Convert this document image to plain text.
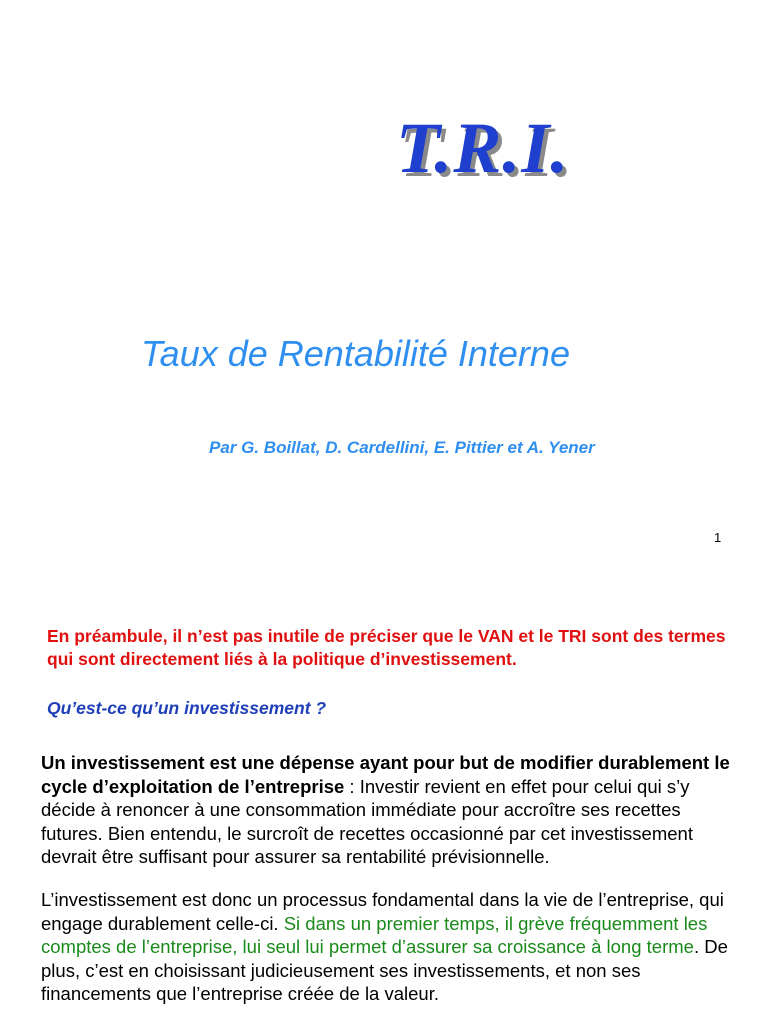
T.R.I.
Taux de Rentabilité Interne

Par G. Boillat, D. Cardellini, E. Pittier et A. Yener

1

En préambule, il n’est pas inutile de préciser que le VAN et le TRI sont des termes qui sont directement liés à la politique d’investissement.

Qu’est-ce qu’un investissement ?

Un investissement est une dépense ayant pour but de modifier durablement le cycle d’exploitation de l’entreprise : Investir revient en effet pour celui qui s’y décide à renoncer à une consommation immédiate pour accroître ses recettes futures. Bien entendu, le surcroît de recettes occasionné par cet investissement devrait être suffisant pour assurer sa rentabilité prévisionnelle.

L’investissement est donc un processus fondamental dans la vie de l’entreprise, qui engage durablement celle-ci. Si dans un premier temps, il grève fréquemment les comptes de l’entreprise, lui seul lui permet d’assurer sa croissance à long terme. De plus, c’est en choisissant judicieusement ses investissements, et non ses financements que l’entreprise créée de la valeur.
